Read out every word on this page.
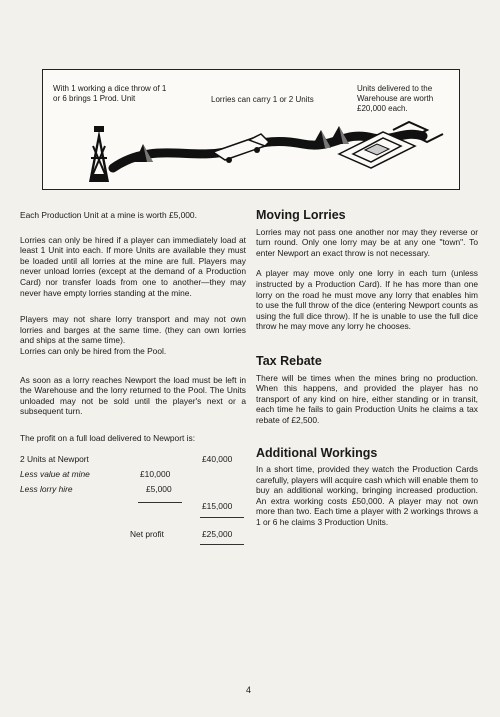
With 1 working a dice throw of 1 or 6 brings 1 Prod. Unit	Lorries can carry 1 or 2 Units
Units delivered to the Warehouse are worth £20,000 each.

Each Production Unit at a mine is worth £5,000.

Lorries can only be hired if a player can immediately load at least 1 Unit into each. If more Units are available they must be loaded until all lorries at the mine are full. Players may never unload lorries (except at the demand of a Production Card) nor transfer loads from one to another—they may never have empty lorries standing at the mine.

Players may not share lorry transport and may not own lorries and barges at the same time. (they can own lorries and ships at the same time).

Lorries can only be hired from the Pool.

As soon as a lorry reaches Newport the load must be left in the Warehouse and the lorry returned to the Pool. The Units unloaded may not be sold until the player's next or a subsequent turn.

The profit on a full load delivered to Newport is:

2 Units at Newport	£40,000
Less value at mine	£10,000
Less lorry hire	£5,000
£15,000
Net profit	£25,000
Moving Lorries

Lorries may not pass one another nor may they reverse or turn round. Only one lorry may be at any one "town". To enter Newport an exact throw is not necessary.

A player may move only one lorry in each turn (unless instructed by a Production Card). If he has more than one lorry on the road he must move any lorry that enables him to use the full throw of the dice (entering Newport counts as using the full dice throw). If he is unable to use the full dice throw he may move any lorry he chooses.

Tax Rebate

There will be times when the mines bring no production. When this happens, and provided the player has no transport of any kind on hire, either standing or in transit, each time he fails to gain Production Units he claims a tax rebate of £2,500.

Additional Workings

In a short time, provided they watch the Production Cards carefully, players will acquire cash which will enable them to buy an additional working, bringing increased production. An extra working costs £50,000. A player may not own more than two. Each time a player with 2 workings throws a 1 or 6 he claims 3 Production Units.

4
